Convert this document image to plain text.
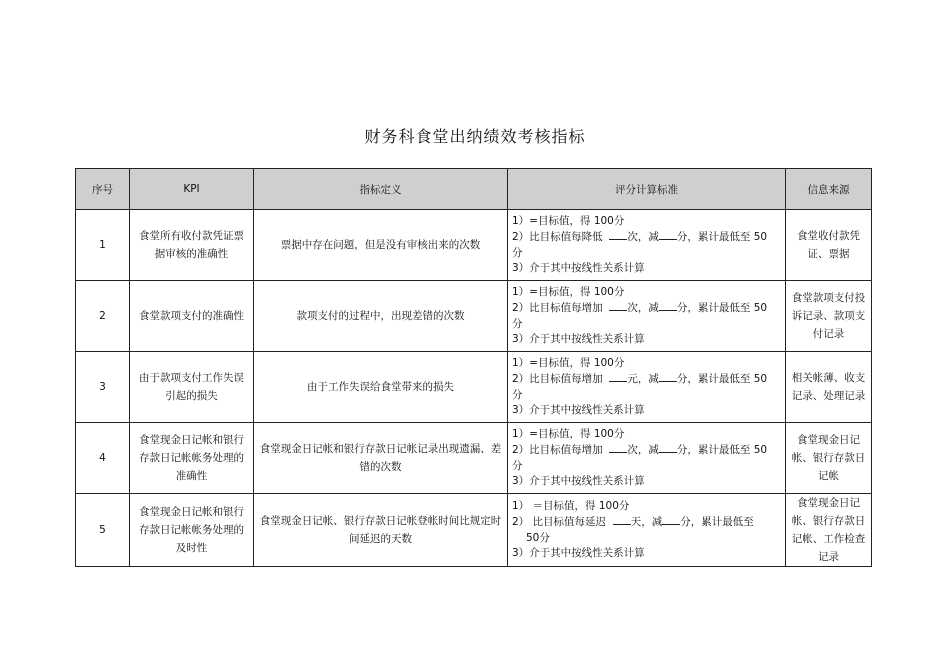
财务科食堂出纳绩效考核指标
序号	KPI	指标定义	评分计算标准	信息来源
1	食堂所有收付款凭证票据审核的准确性	票据中存在问题，但是没有审核出来的次数	1）=目标值，得 100分
2）比目标值每降低 次，减 分，累计最低至 50
分
3）介于其中按线性关系计算	食堂收付款凭证、票据
2	食堂款项支付的准确性	款项支付的过程中，出现差错的次数	1）=目标值，得 100分
2）比目标值每增加 次，减 分，累计最低至 50
分
3）介于其中按线性关系计算	食堂款项支付投诉记录、款项支付记录
3	由于款项支付工作失误引起的损失	由于工作失误给食堂带来的损失	1）=目标值，得 100分
2）比目标值每增加 元，减 分，累计最低至 50
分
3）介于其中按线性关系计算	相关帐薄、收支记录、处理记录
4	食堂现金日记帐和银行存款日记帐帐务处理的准确性	食堂现金日记帐和银行存款日记帐记录出现遗漏、差错的次数	1）=目标值，得 100分
2）比目标值每增加 次，减 分，累计最低至 50
分
3）介于其中按线性关系计算	食堂现金日记帐、银行存款日记帐
5	食堂现金日记帐和银行存款日记帐帐务处理的及时性	食堂现金日记帐、银行存款日记帐登帐时间比规定时间延迟的天数	1） ＝目标值，得 100分
2） 比目标值每延迟 天，减 分，累计最低至
50分
3）介于其中按线性关系计算	食堂现金日记帐、银行存款日记帐、工作检查记录
